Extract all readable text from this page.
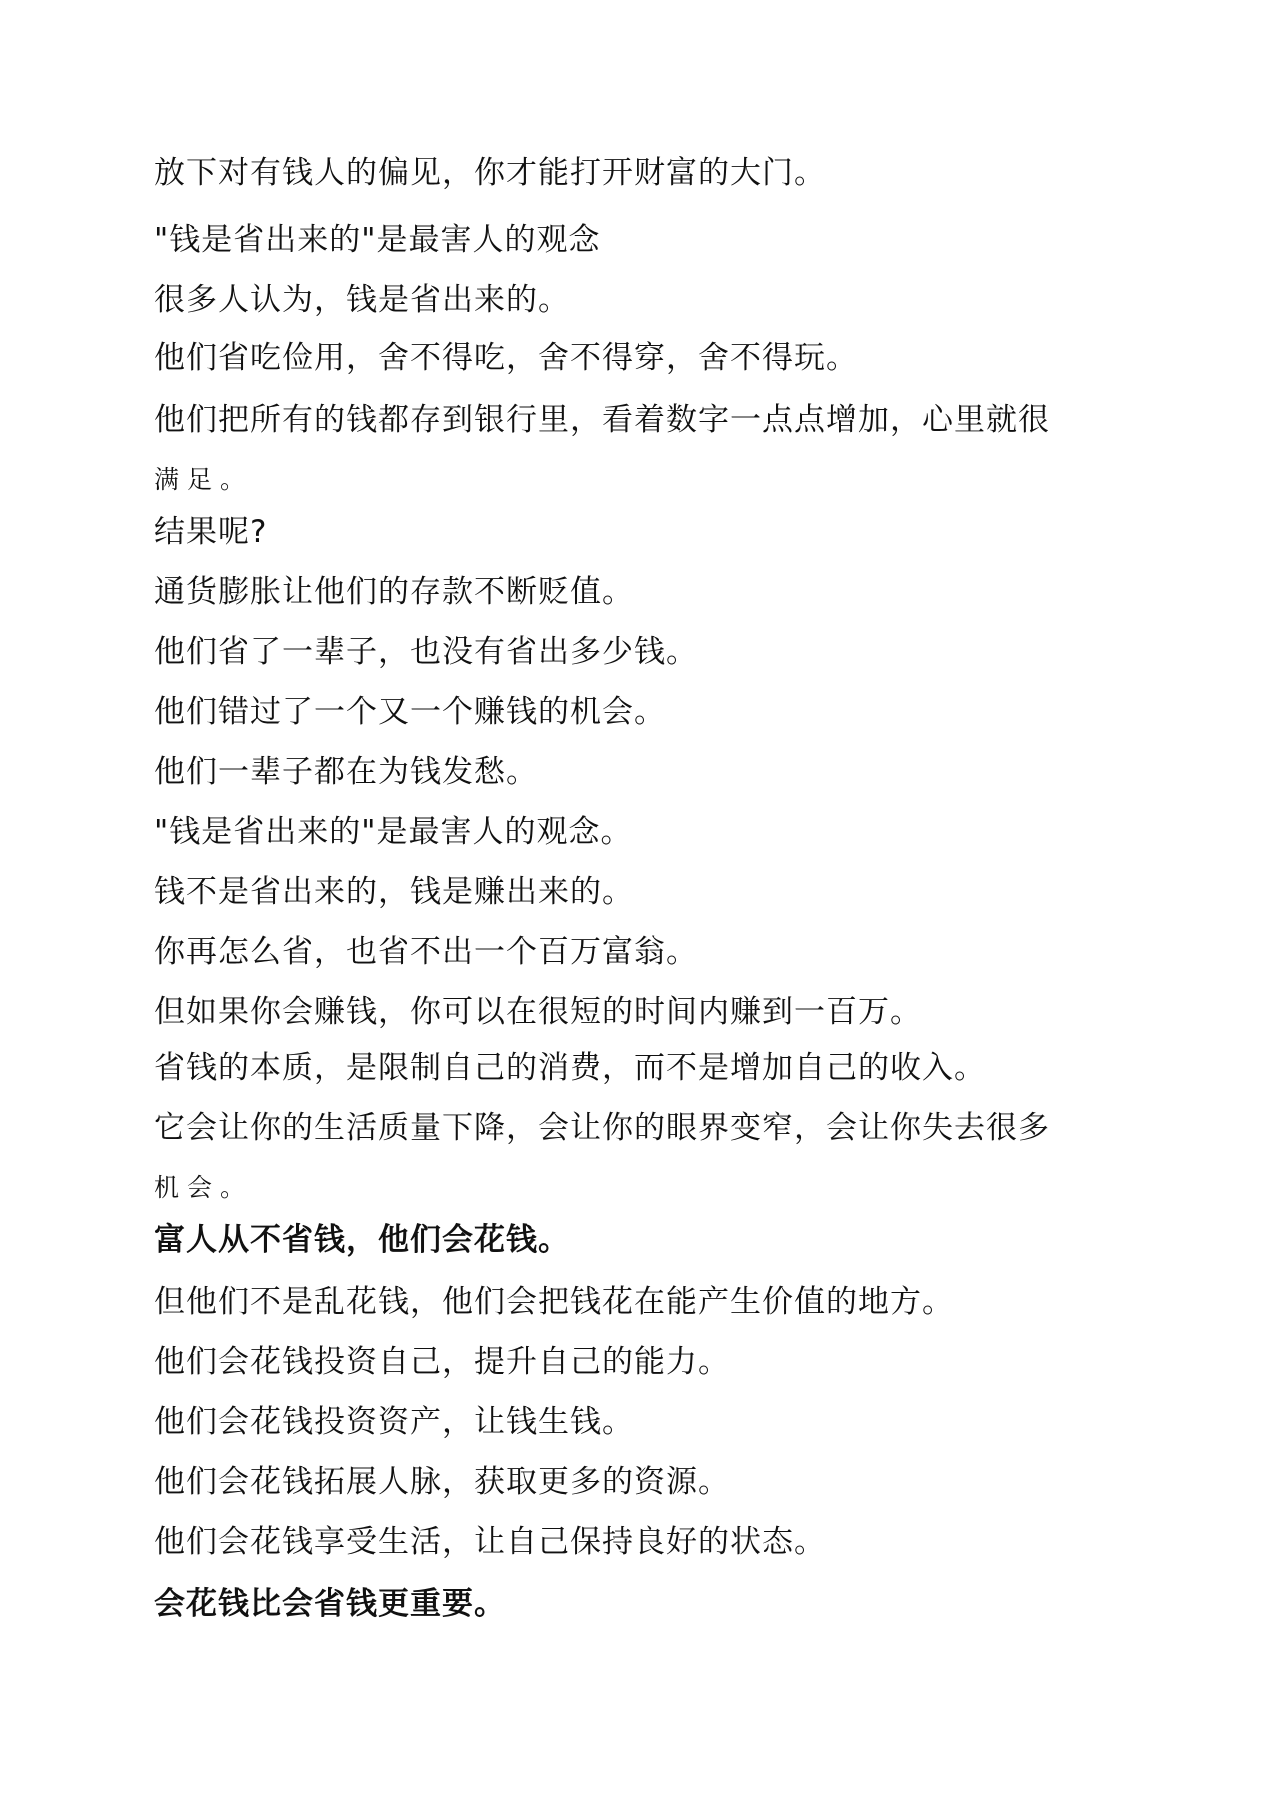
放下对有钱人的偏见，你才能打开财富的大门。
"钱是省出来的"是最害人的观念
很多人认为，钱是省出来的。
他们省吃俭用，舍不得吃，舍不得穿，舍不得玩。
他们把所有的钱都存到银行里，看着数字一点点增加，心里就很
满足。
结果呢?
通货膨胀让他们的存款不断贬值。
他们省了一辈子，也没有省出多少钱。
他们错过了一个又一个赚钱的机会。
他们一辈子都在为钱发愁。
"钱是省出来的"是最害人的观念。
钱不是省出来的，钱是赚出来的。
你再怎么省，也省不出一个百万富翁。
但如果你会赚钱，你可以在很短的时间内赚到一百万。
省钱的本质，是限制自己的消费，而不是增加自己的收入。
它会让你的生活质量下降，会让你的眼界变窄，会让你失去很多
机会。
富人从不省钱，他们会花钱。
但他们不是乱花钱，他们会把钱花在能产生价值的地方。
他们会花钱投资自己，提升自己的能力。
他们会花钱投资资产，让钱生钱。
他们会花钱拓展人脉，获取更多的资源。
他们会花钱享受生活，让自己保持良好的状态。
会花钱比会省钱更重要。
